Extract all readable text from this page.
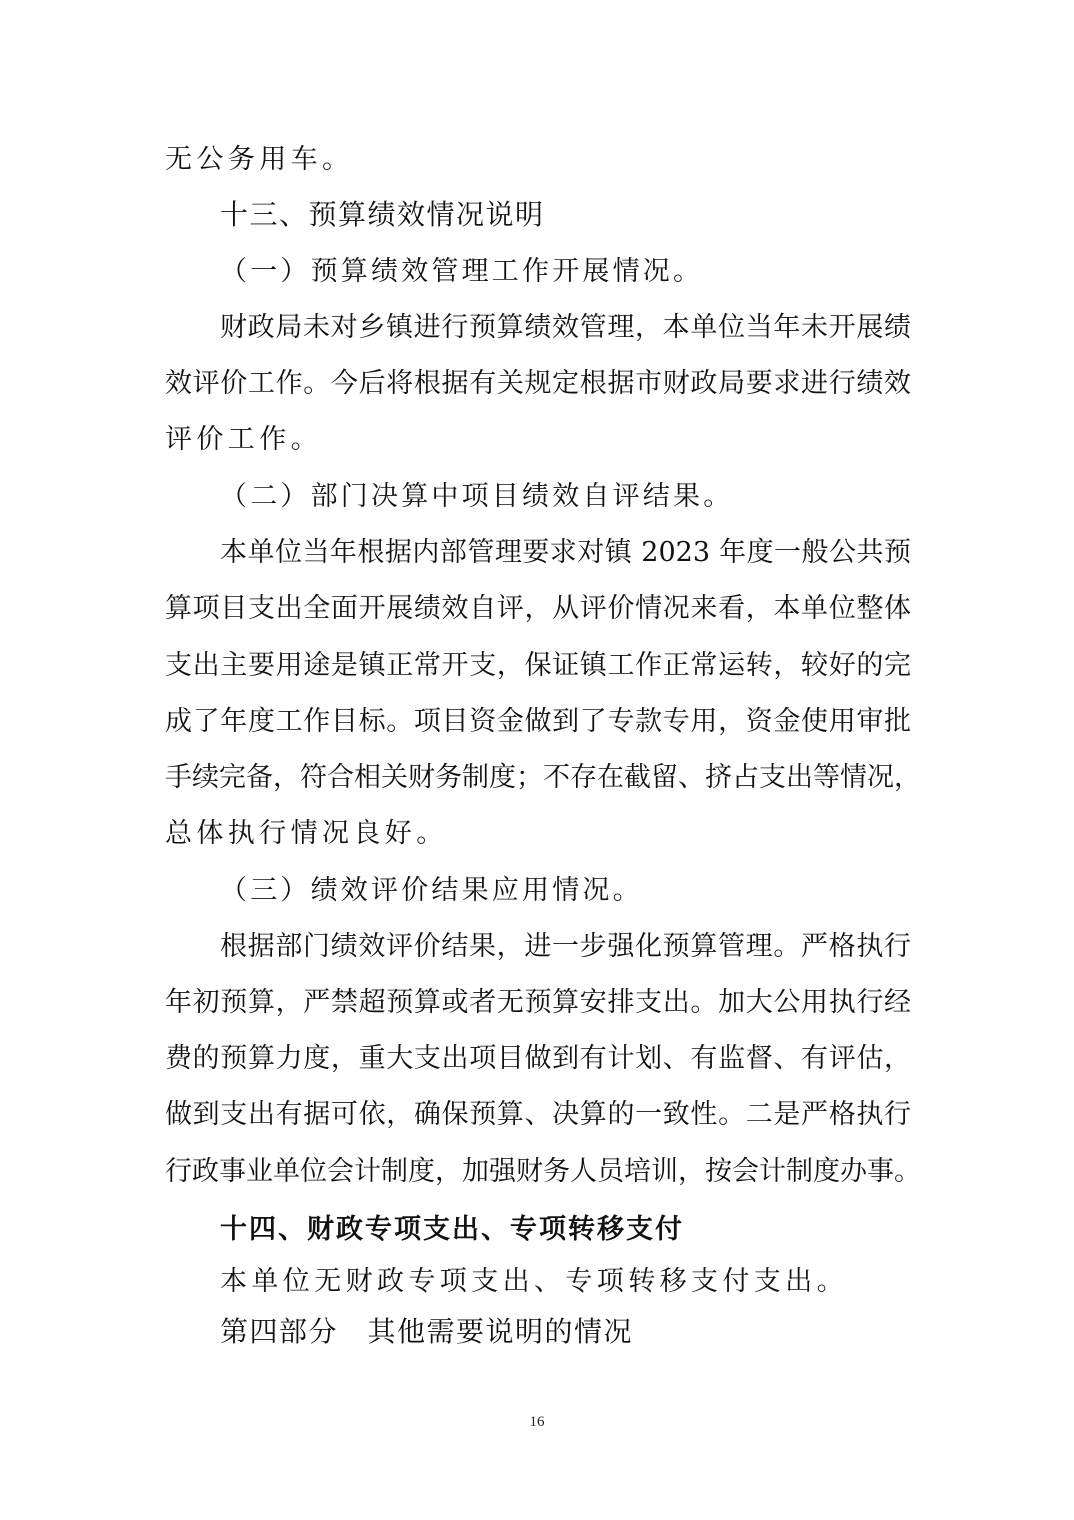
无公务用车。
十三、预算绩效情况说明
（一）预算绩效管理工作开展情况。
财政局未对乡镇进行预算绩效管理，本单位当年未开展绩
效评价工作。今后将根据有关规定根据市财政局要求进行绩效
评价工作。
（二）部门决算中项目绩效自评结果。
本单位当年根据内部管理要求对镇 2023 年度一般公共预
算项目支出全面开展绩效自评，从评价情况来看，本单位整体
支出主要用途是镇正常开支，保证镇工作正常运转，较好的完
成了年度工作目标。项目资金做到了专款专用，资金使用审批
手续完备，符合相关财务制度；不存在截留、挤占支出等情况，
总体执行情况良好。
（三）绩效评价结果应用情况。
根据部门绩效评价结果，进一步强化预算管理。严格执行
年初预算，严禁超预算或者无预算安排支出。加大公用执行经
费的预算力度，重大支出项目做到有计划、有监督、有评估，
做到支出有据可依，确保预算、决算的一致性。二是严格执行
行政事业单位会计制度，加强财务人员培训，按会计制度办事。
十四、财政专项支出、专项转移支付
本单位无财政专项支出、专项转移支付支出。
第四部分　其他需要说明的情况
16
